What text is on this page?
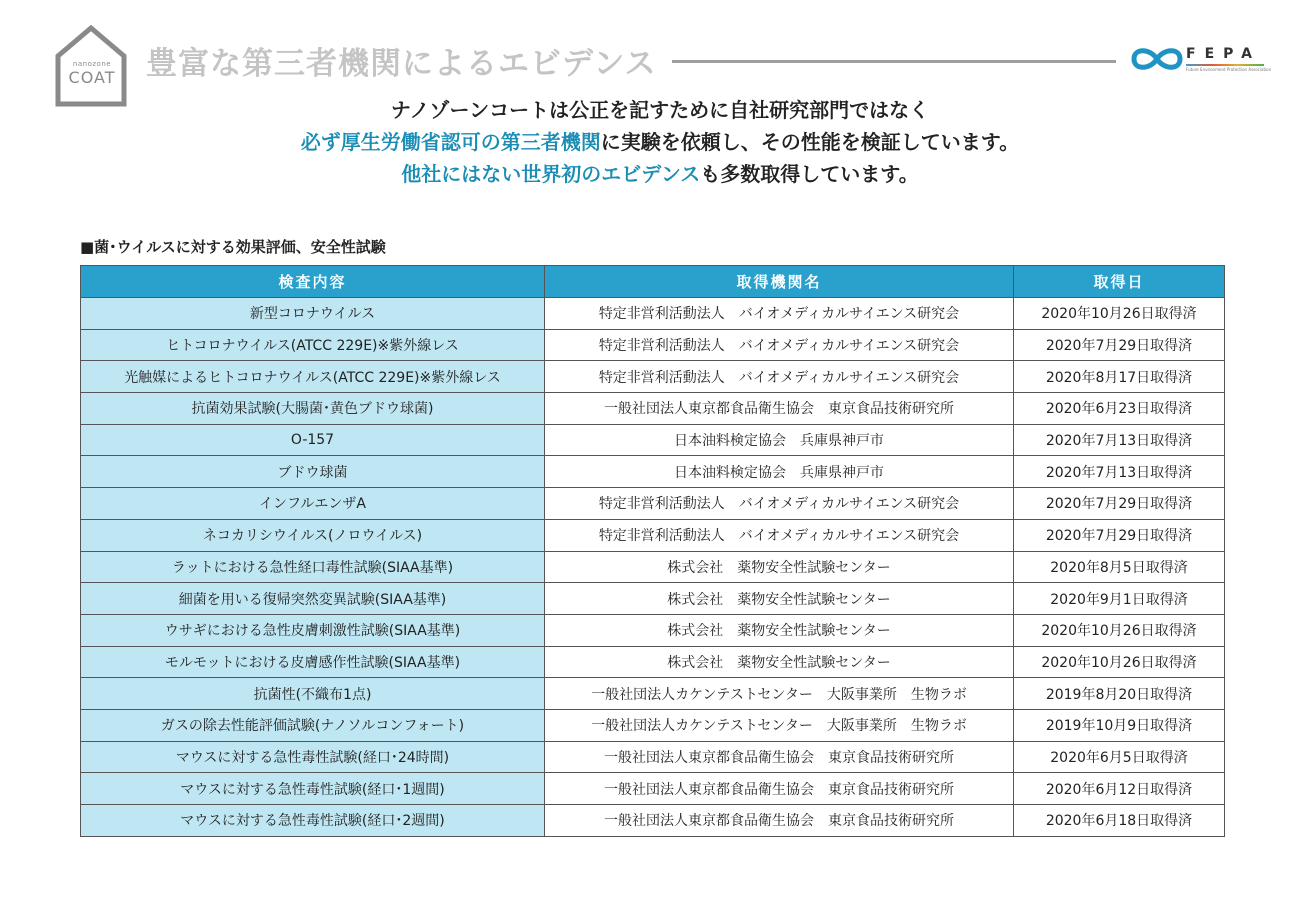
nanozone
COAT 豊富な第三者機関によるエビデンス	FEPA
Future Environment Protection Association
ナノゾーンコートは公正を記すために自社研究部門ではなく
必ず厚生労働省認可の第三者機関に実験を依頼し、その性能を検証しています。
他社にはない世界初のエビデンスも多数取得しています。
■菌･ウイルスに対する効果評価、安全性試験
検査内容	取得機関名	取得日
新型コロナウイルス	特定非営利活動法人　バイオメディカルサイエンス研究会	2020年10月26日取得済
ヒトコロナウイルス(ATCC 229E)※紫外線レス	特定非営利活動法人　バイオメディカルサイエンス研究会	2020年7月29日取得済
光触媒によるヒトコロナウイルス(ATCC 229E)※紫外線レス	特定非営利活動法人　バイオメディカルサイエンス研究会	2020年8月17日取得済
抗菌効果試験(大腸菌･黄色ブドウ球菌)	一般社団法人東京都食品衛生協会　東京食品技術研究所	2020年6月23日取得済
O-157	日本油料検定協会　兵庫県神戸市	2020年7月13日取得済
ブドウ球菌	日本油料検定協会　兵庫県神戸市	2020年7月13日取得済
インフルエンザA	特定非営利活動法人　バイオメディカルサイエンス研究会	2020年7月29日取得済
ネコカリシウイルス(ノロウイルス)	特定非営利活動法人　バイオメディカルサイエンス研究会	2020年7月29日取得済
ラットにおける急性経口毒性試験(SIAA基準)	株式会社　薬物安全性試験センター	2020年8月5日取得済
細菌を用いる復帰突然変異試験(SIAA基準)	株式会社　薬物安全性試験センター	2020年9月1日取得済
ウサギにおける急性皮膚刺激性試験(SIAA基準)	株式会社　薬物安全性試験センター	2020年10月26日取得済
モルモットにおける皮膚感作性試験(SIAA基準)	株式会社　薬物安全性試験センター	2020年10月26日取得済
抗菌性(不織布1点)	一般社団法人カケンテストセンター　大阪事業所　生物ラボ	2019年8月20日取得済
ガスの除去性能評価試験(ナノソルコンフォート)	一般社団法人カケンテストセンター　大阪事業所　生物ラボ	2019年10月9日取得済
マウスに対する急性毒性試験(経口･24時間)	一般社団法人東京都食品衛生協会　東京食品技術研究所	2020年6月5日取得済
マウスに対する急性毒性試験(経口･1週間)	一般社団法人東京都食品衛生協会　東京食品技術研究所	2020年6月12日取得済
マウスに対する急性毒性試験(経口･2週間)	一般社団法人東京都食品衛生協会　東京食品技術研究所	2020年6月18日取得済
